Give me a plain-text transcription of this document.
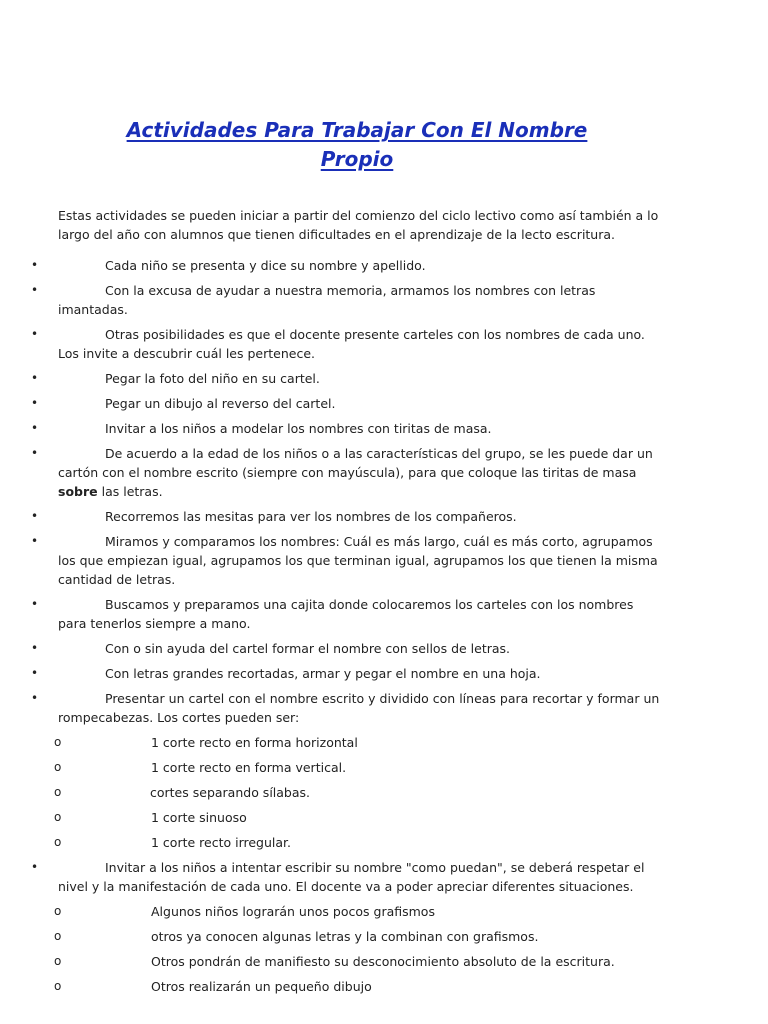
Actividades Para Trabajar Con El Nombre Propio

Estas actividades se pueden iniciar a partir del comienzo del ciclo lectivo como así también a lo largo del año con alumnos que tienen dificultades en el aprendizaje de la lecto escritura.

•	Cada niño se presenta y dice su nombre y apellido.
•	Con la excusa de ayudar a nuestra memoria, armamos los nombres con letras imantadas.
•	Otras posibilidades es que el docente presente carteles con los nombres de cada uno. Los invite a descubrir cuál les pertenece.
•	Pegar la foto del niño en su cartel.
•	Pegar un dibujo al reverso del cartel.
•	Invitar a los niños a modelar los nombres con tiritas de masa.
•	De acuerdo a la edad de los niños o a las características del grupo, se les puede dar un cartón con el nombre escrito (siempre con mayúscula), para que coloque las tiritas de masa sobre las letras.
•	Recorremos las mesitas para ver los nombres de los compañeros.
•	Miramos y comparamos los nombres: Cuál es más largo, cuál es más corto, agrupamos los que empiezan igual, agrupamos los que terminan igual, agrupamos los que tienen la misma cantidad de letras.
•	Buscamos y preparamos una cajita donde colocaremos los carteles con los nombres para tenerlos siempre a mano.
•	Con o sin ayuda del cartel formar el nombre con sellos de letras.
•	Con letras grandes recortadas, armar y pegar el nombre en una hoja.
•	Presentar un cartel con el nombre escrito y dividido con líneas para recortar y formar un rompecabezas. Los cortes pueden ser:
o	1 corte recto en forma horizontal
o	1 corte recto en forma vertical.
o	cortes separando sílabas.
o	1 corte sinuoso
o	1 corte recto irregular.
•	Invitar a los niños a intentar escribir su nombre "como puedan", se deberá respetar el nivel y la manifestación de cada uno. El docente va a poder apreciar diferentes situaciones.
o	Algunos niños lograrán unos pocos grafismos
o	otros ya conocen algunas letras y la combinan con grafismos.
o	Otros pondrán de manifiesto su desconocimiento absoluto de la escritura.
o	Otros realizarán un pequeño dibujo
